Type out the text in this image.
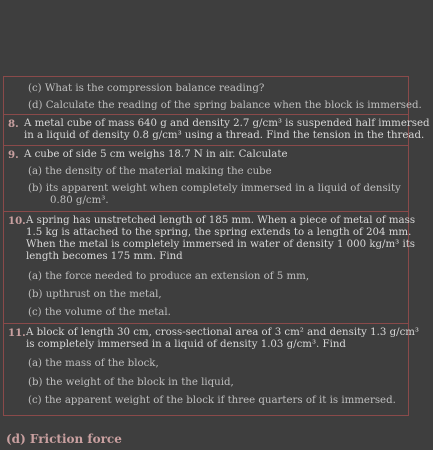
(c) What is the compression balance reading?
(d) Calculate the reading of the spring balance when the block is immersed.
8. A metal cube of mass 640 g and density 2.7 g/cm³ is suspended half immersed
in a liquid of density 0.8 g/cm³ using a thread. Find the tension in the thread.
9. A cube of side 5 cm weighs 18.7 N in air. Calculate
(a) the density of the material making the cube
(b) its apparent weight when completely immersed in a liquid of density
0.80 g/cm³.
10. A spring has unstretched length of 185 mm. When a piece of metal of mass
1.5 kg is attached to the spring, the spring extends to a length of 204 mm.
When the metal is completely immersed in water of density 1 000 kg/m³ its
length becomes 175 mm. Find
(a) the force needed to produce an extension of 5 mm,
(b) upthrust on the metal,
(c) the volume of the metal.
11. A block of length 30 cm, cross-sectional area of 3 cm² and density 1.3 g/cm³
is completely immersed in a liquid of density 1.03 g/cm³. Find
(a) the mass of the block,
(b) the weight of the block in the liquid,
(c) the apparent weight of the block if three quarters of it is immersed.
(d) Friction force
